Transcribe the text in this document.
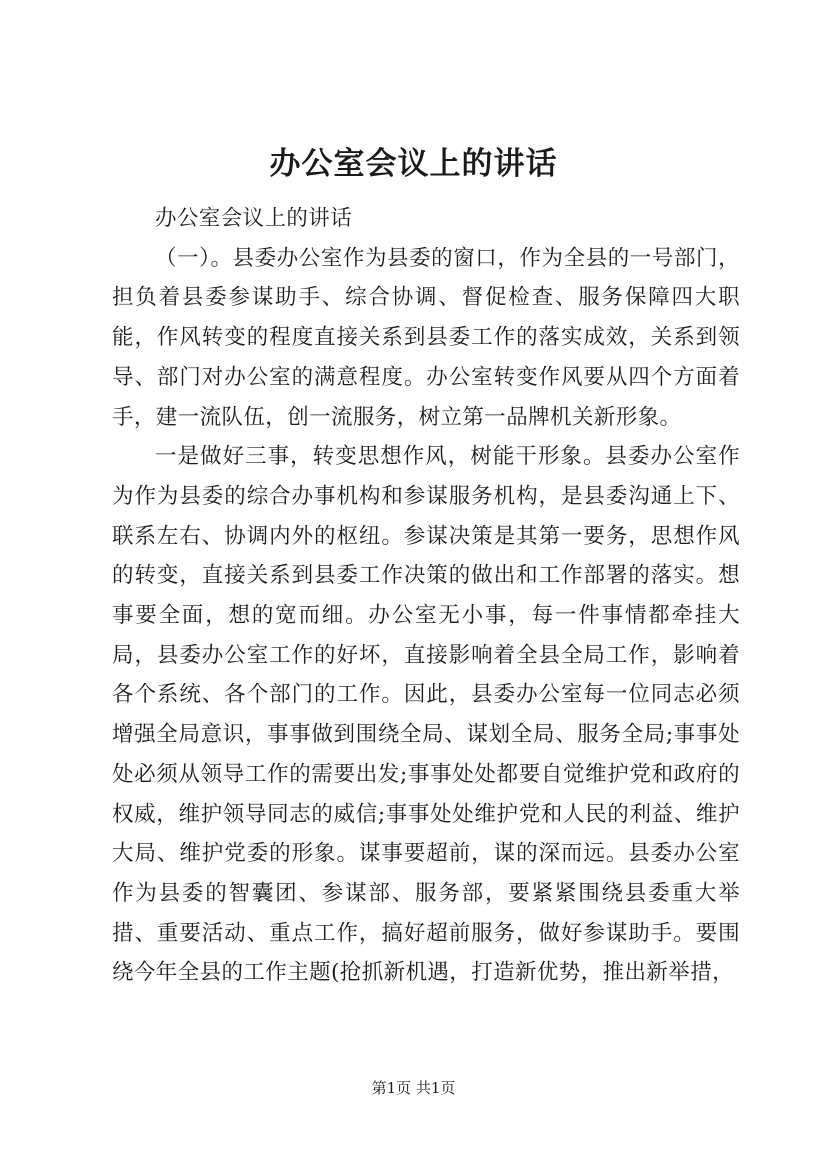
办公室会议上的讲话

办公室会议上的讲话

（一）。县委办公室作为县委的窗口，作为全县的一号部门，担负着县委参谋助手、综合协调、督促检查、服务保障四大职能，作风转变的程度直接关系到县委工作的落实成效，关系到领导、部门对办公室的满意程度。办公室转变作风要从四个方面着手，建一流队伍，创一流服务，树立第一品牌机关新形象。

一是做好三事，转变思想作风，树能干形象。县委办公室作为作为县委的综合办事机构和参谋服务机构，是县委沟通上下、联系左右、协调内外的枢纽。参谋决策是其第一要务，思想作风的转变，直接关系到县委工作决策的做出和工作部署的落实。想事要全面，想的宽而细。办公室无小事，每一件事情都牵挂大局，县委办公室工作的好坏，直接影响着全县全局工作，影响着各个系统、各个部门的工作。因此，县委办公室每一位同志必须增强全局意识，事事做到围绕全局、谋划全局、服务全局;事事处处必须从领导工作的需要出发;事事处处都要自觉维护党和政府的权威，维护领导同志的威信;事事处处维护党和人民的利益、维护大局、维护党委的形象。谋事要超前，谋的深而远。县委办公室作为县委的智囊团、参谋部、服务部，要紧紧围绕县委重大举措、重要活动、重点工作，搞好超前服务，做好参谋助手。要围绕今年全县的工作主题(抢抓新机遇，打造新优势，推出新举措，

第1页 共1页
